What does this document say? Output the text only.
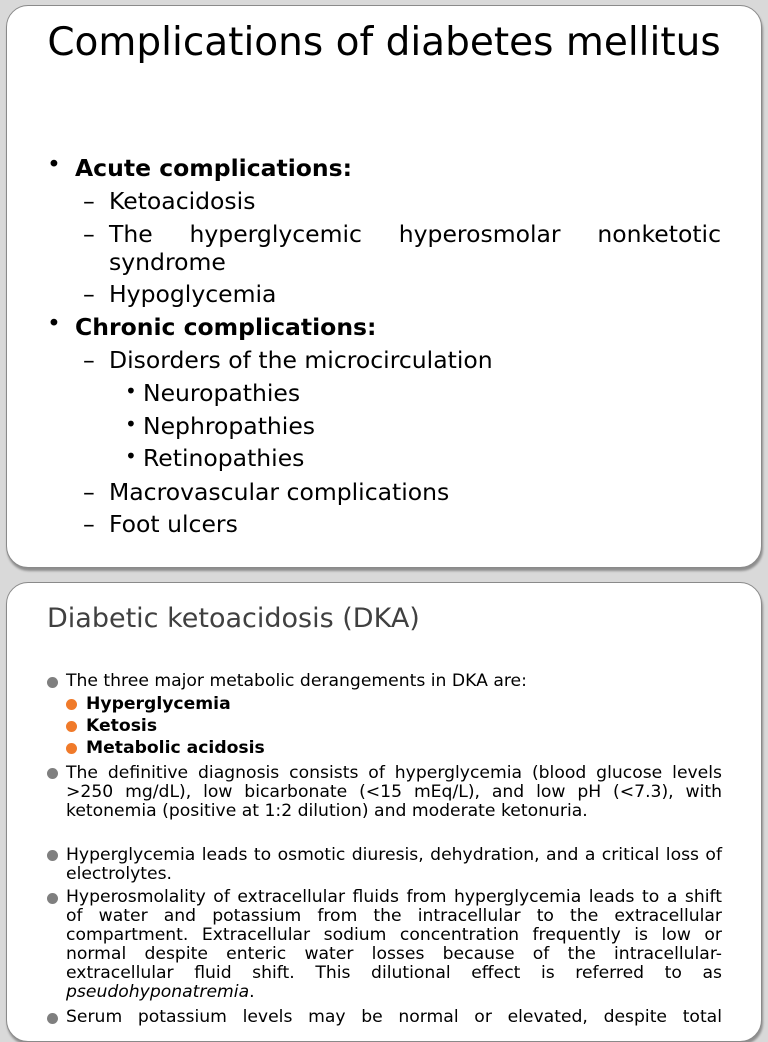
Complications of diabetes mellitus
• Acute complications:
– Ketoacidosis
– The hyperglycemic hyperosmolar nonketotic syndrome
– Hypoglycemia
• Chronic complications:
– Disorders of the microcirculation
• Neuropathies
• Nephropathies
• Retinopathies
– Macrovascular complications
– Foot ulcers
Diabetic ketoacidosis (DKA)
The three major metabolic derangements in DKA are:
Hyperglycemia
Ketosis
Metabolic acidosis
The definitive diagnosis consists of hyperglycemia (blood glucose levels >250 mg/dL), low bicarbonate (<15 mEq/L), and low pH (<7.3), with ketonemia (positive at 1:2 dilution) and moderate ketonuria.
Hyperglycemia leads to osmotic diuresis, dehydration, and a critical loss of electrolytes.
Hyperosmolality of extracellular fluids from hyperglycemia leads to a shift of water and potassium from the intracellular to the extracellular compartment. Extracellular sodium concentration frequently is low or normal despite enteric water losses because of the intracellular-extracellular fluid shift. This dilutional effect is referred to as pseudohyponatremia.
Serum potassium levels may be normal or elevated, despite total
